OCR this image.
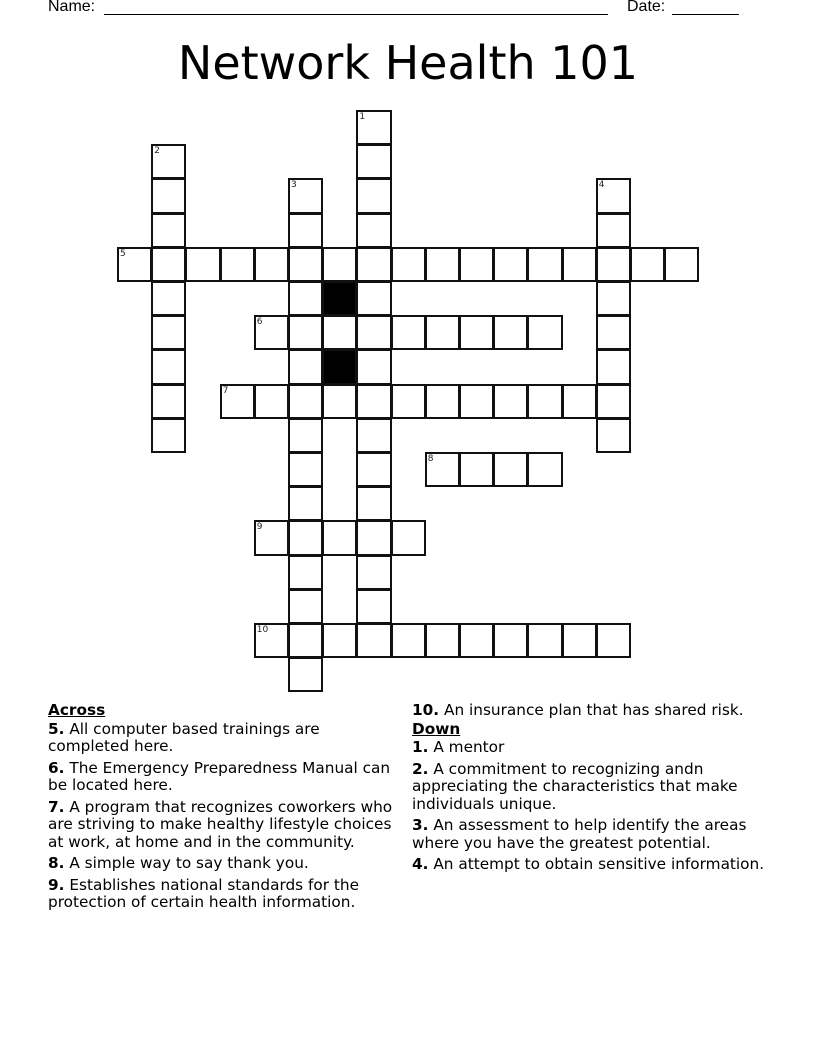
Name:	Date:
Network Health 101
1
2
3	4
5
6
7
8
9
10
Across
5. All computer based trainings are completed here.
6. The Emergency Preparedness Manual can be located here.
7. A program that recognizes coworkers who are striving to make healthy lifestyle choices at work, at home and in the community.
8. A simple way to say thank you.
9. Establishes national standards for the protection of certain health information.
10. An insurance plan that has shared risk.
Down
1. A mentor
2. A commitment to recognizing andn appreciating the characteristics that make individuals unique.
3. An assessment to help identify the areas where you have the greatest potential.
4. An attempt to obtain sensitive information.
